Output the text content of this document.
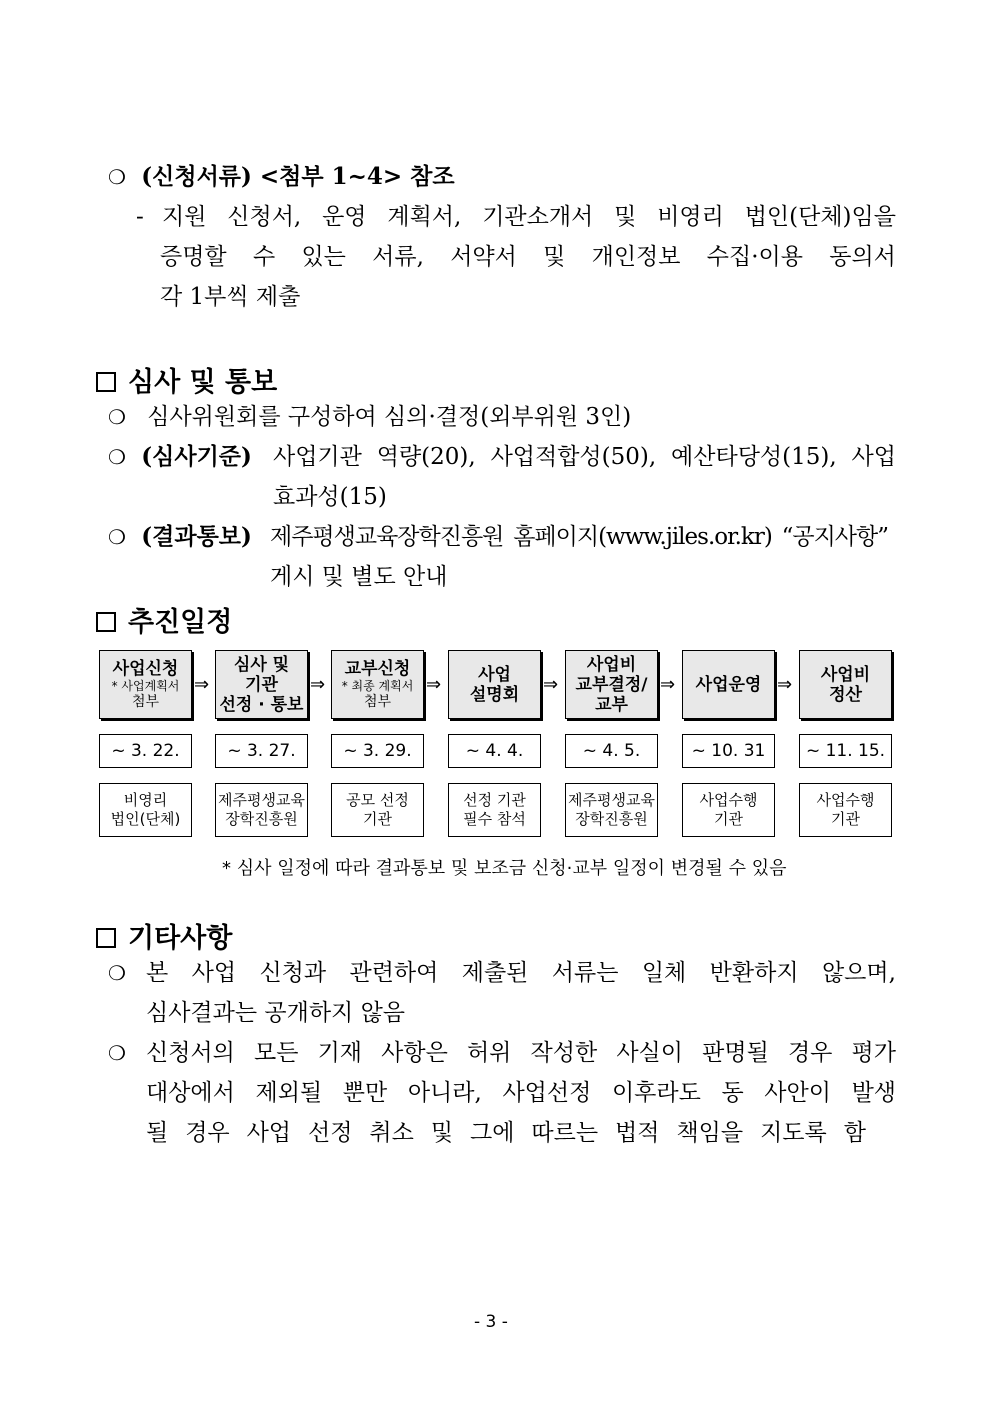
❍ (신청서류) <첨부 1~4> 참조
- 지원 신청서, 운영 계획서, 기관소개서 및 비영리 법인(단체)임을
증명할 수 있는 서류, 서약서 및 개인정보 수집·이용 동의서
각 1부씩 제출
심사 및 통보
❍ 심사위원회를 구성하여 심의·결정(외부위원 3인)
❍ (심사기준) 사업기관 역량(20), 사업적합성(50), 예산타당성(15), 사업
효과성(15)
❍ (결과통보) 제주평생교육장학진흥원 홈페이지(www.jiles.or.kr) “공지사항”
게시 및 별도 안내
추진일정
사업신청
* 사업계획서
첨부
⇒
~ 3. 22.
비영리
법인(단체)
심사 및
기관
선정 · 통보
⇒
~ 3. 27.
제주평생교육
장학진흥원
교부신청
* 최종 계획서
첨부
⇒
~ 3. 29.
공모 선정
기관
사업
설명회 ⇒
~ 4. 4.
선정 기관
필수 참석
사업비
교부결정/
교부
⇒
~ 4. 5.
제주평생교육
장학진흥원
사업운영 ⇒
~ 10. 31
사업수행
기관
사업비
정산
~ 11. 15.
사업수행
기관
* 심사 일정에 따라 결과통보 및 보조금 신청·교부 일정이 변경될 수 있음
기타사항
❍ 본 사업 신청과 관련하여 제출된 서류는 일체 반환하지 않으며,
심사결과는 공개하지 않음
❍ 신청서의 모든 기재 사항은 허위 작성한 사실이 판명될 경우 평가
대상에서 제외될 뿐만 아니라, 사업선정 이후라도 동 사안이 발생
될 경우 사업 선정 취소 및 그에 따르는 법적 책임을 지도록 함
- 3 -
